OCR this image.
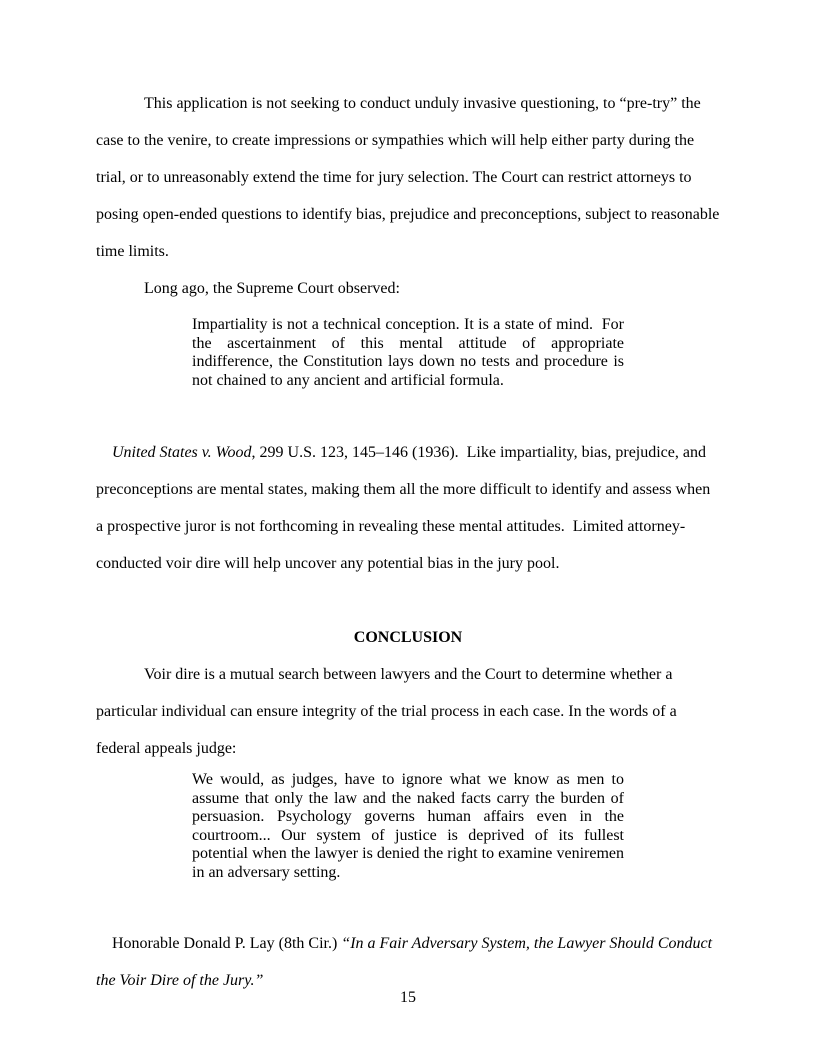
This application is not seeking to conduct unduly invasive questioning, to “pre-try” the case to the venire, to create impressions or sympathies which will help either party during the trial, or to unreasonably extend the time for jury selection. The Court can restrict attorneys to posing open-ended questions to identify bias, prejudice and preconceptions, subject to reasonable time limits.

Long ago, the Supreme Court observed:

Impartiality is not a technical conception. It is a state of mind.  For the ascertainment of this mental attitude of appropriate indifference, the Constitution lays down no tests and procedure is not chained to any ancient and artificial formula.

United States v. Wood, 299 U.S. 123, 145–146 (1936).  Like impartiality, bias, prejudice, and preconceptions are mental states, making them all the more difficult to identify and assess when a prospective juror is not forthcoming in revealing these mental attitudes.  Limited attorney-conducted voir dire will help uncover any potential bias in the jury pool.

CONCLUSION

Voir dire is a mutual search between lawyers and the Court to determine whether a particular individual can ensure integrity of the trial process in each case. In the words of a federal appeals judge:

We would, as judges, have to ignore what we know as men to assume that only the law and the naked facts carry the burden of persuasion. Psychology governs human affairs even in the courtroom... Our system of justice is deprived of its fullest potential when the lawyer is denied the right to examine veniremen in an adversary setting.

Honorable Donald P. Lay (8th Cir.) “In a Fair Adversary System, the Lawyer Should Conduct the Voir Dire of the Jury.”

15
